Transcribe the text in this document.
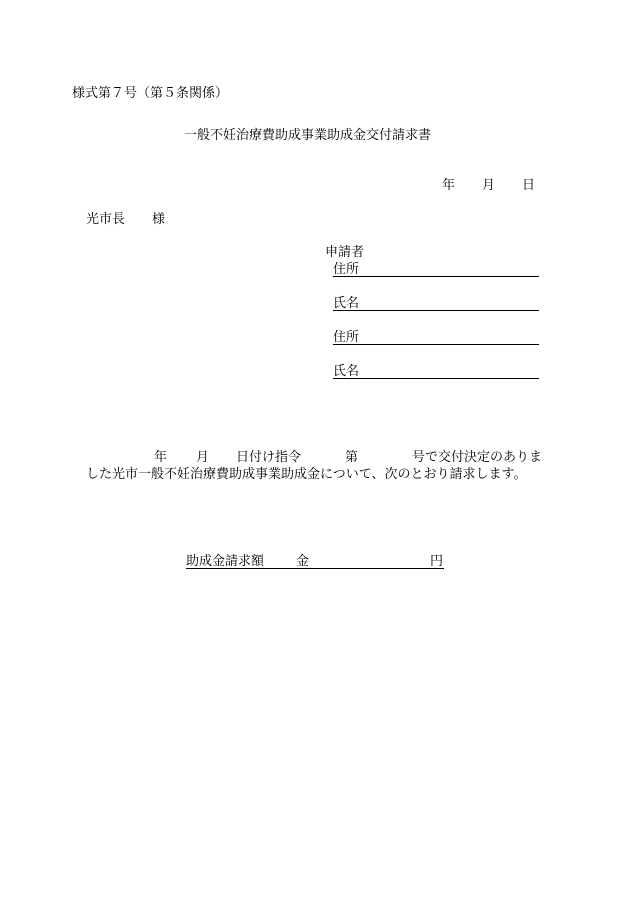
様式第７号（第５条関係）
一般不妊治療費助成事業助成金交付請求書
年 月 日
光市長 様
申請者
住所
氏名
住所
氏名
年 月 日付け指令	第	号で交付決定のありま
した光市一般不妊治療費助成事業助成金について、次のとおり請求します。
助成金請求額 金	円
